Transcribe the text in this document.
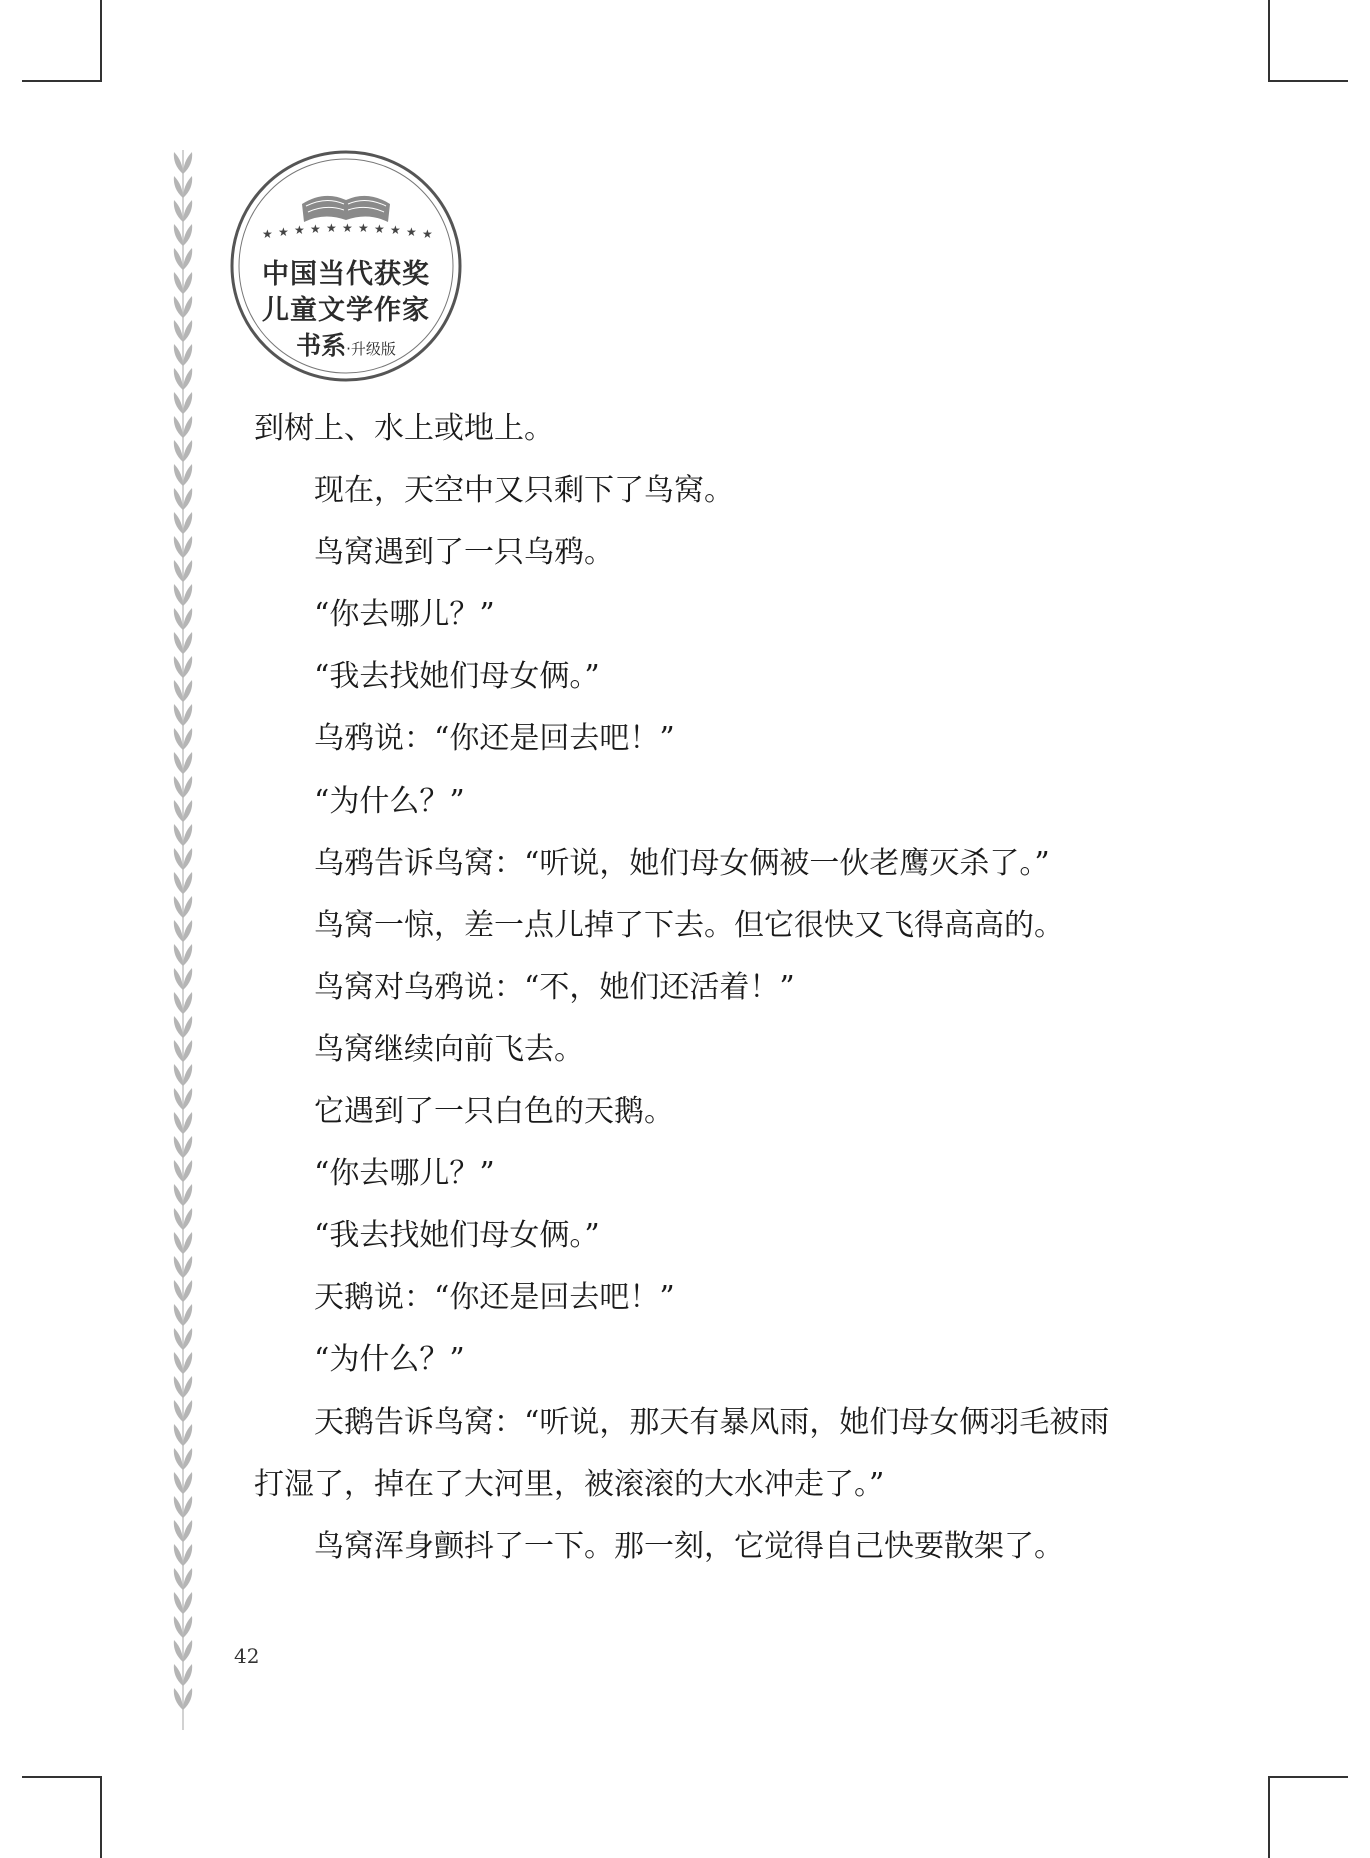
★ ★ ★ ★ ★ ★ ★ ★ ★ ★ ★
中国当代获奖
儿童文学作家
书系·升级版

到树上、水上或地上。

现在，天空中又只剩下了鸟窝。

鸟窝遇到了一只乌鸦。

“你去哪儿？”

“我去找她们母女俩。”

乌鸦说：“你还是回去吧！”

“为什么？”

乌鸦告诉鸟窝：“听说，她们母女俩被一伙老鹰灭杀了。”

鸟窝一惊，差一点儿掉了下去。但它很快又飞得高高的。

鸟窝对乌鸦说：“不，她们还活着！”

鸟窝继续向前飞去。

它遇到了一只白色的天鹅。

“你去哪儿？”

“我去找她们母女俩。”

天鹅说：“你还是回去吧！”

“为什么？”

天鹅告诉鸟窝：“听说，那天有暴风雨，她们母女俩羽毛被雨打湿了，掉在了大河里，被滚滚的大水冲走了。”

鸟窝浑身颤抖了一下。那一刻，它觉得自己快要散架了。

42
